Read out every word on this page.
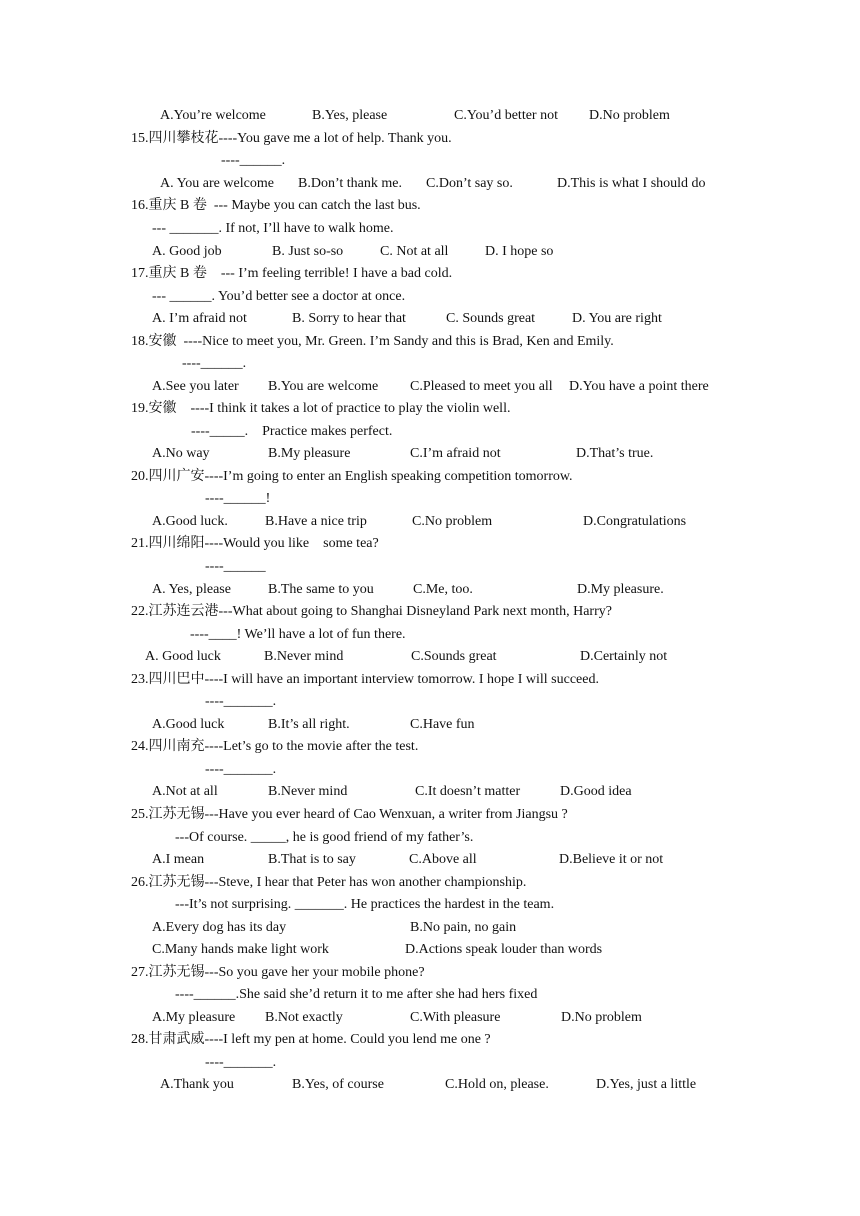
A.You’re welcome	B.Yes, please	C.You’d better not D.No problem
15.四川攀枝花----You gave me a lot of help. Thank you.
----______.
A. You are welcome B.Don’t thank me. C.Don’t say so.	D.This is what I should do
16.重庆 B 卷  --- Maybe you can catch the last bus.
--- _______. If not, I’ll have to walk home.
A. Good job	B. Just so-so	C. Not at all	D. I hope so
17.重庆 B 卷    --- I’m feeling terrible! I have a bad cold.
--- ______. You’d better see a doctor at once.
A. I’m afraid not	B. Sorry to hear that	C. Sounds great	D. You are right
18.安徽  ----Nice to meet you, Mr. Green. I’m Sandy and this is Brad, Ken and Emily.
----______.
A.See you later B.You are welcome C.Pleased to meet you all D.You have a point there
19.安徽    ----I think it takes a lot of practice to play the violin well.
----_____.    Practice makes perfect.
A.No way	B.My pleasure	C.I’m afraid not	D.That’s true.
20.四川广安----I’m going to enter an English speaking competition tomorrow.
----______!
A.Good luck.	B.Have a nice trip	C.No problem	D.Congratulations
21.四川绵阳----Would you like    some tea?
----______
A. Yes, please	B.The same to you	C.Me, too.	D.My pleasure.
22.江苏连云港---What about going to Shanghai Disneyland Park next month, Harry?
----____! We’ll have a lot of fun there.
A. Good luck	B.Never mind	C.Sounds great	D.Certainly not
23.四川巴中----I will have an important interview tomorrow. I hope I will succeed.
----_______.
A.Good luck	B.It’s all right.	C.Have fun
24.四川南充----Let’s go to the movie after the test.
----_______.
A.Not at all	B.Never mind	C.It doesn’t matter	D.Good idea
25.江苏无锡---Have you ever heard of Cao Wenxuan, a writer from Jiangsu ?
---Of course. _____, he is good friend of my father’s.
A.I mean	B.That is to say	C.Above all	D.Believe it or not
26.江苏无锡---Steve, I hear that Peter has won another championship.
---It’s not surprising. _______. He practices the hardest in the team.
A.Every dog has its day	B.No pain, no gain
C.Many hands make light work	D.Actions speak louder than words
27.江苏无锡---So you gave her your mobile phone?
----______.She said she’d return it to me after she had hers fixed
A.My pleasure B.Not exactly	C.With pleasure	D.No problem
28.甘肃武威----I left my pen at home. Could you lend me one ?
----_______.
A.Thank you	B.Yes, of course	C.Hold on, please.	D.Yes, just a little
